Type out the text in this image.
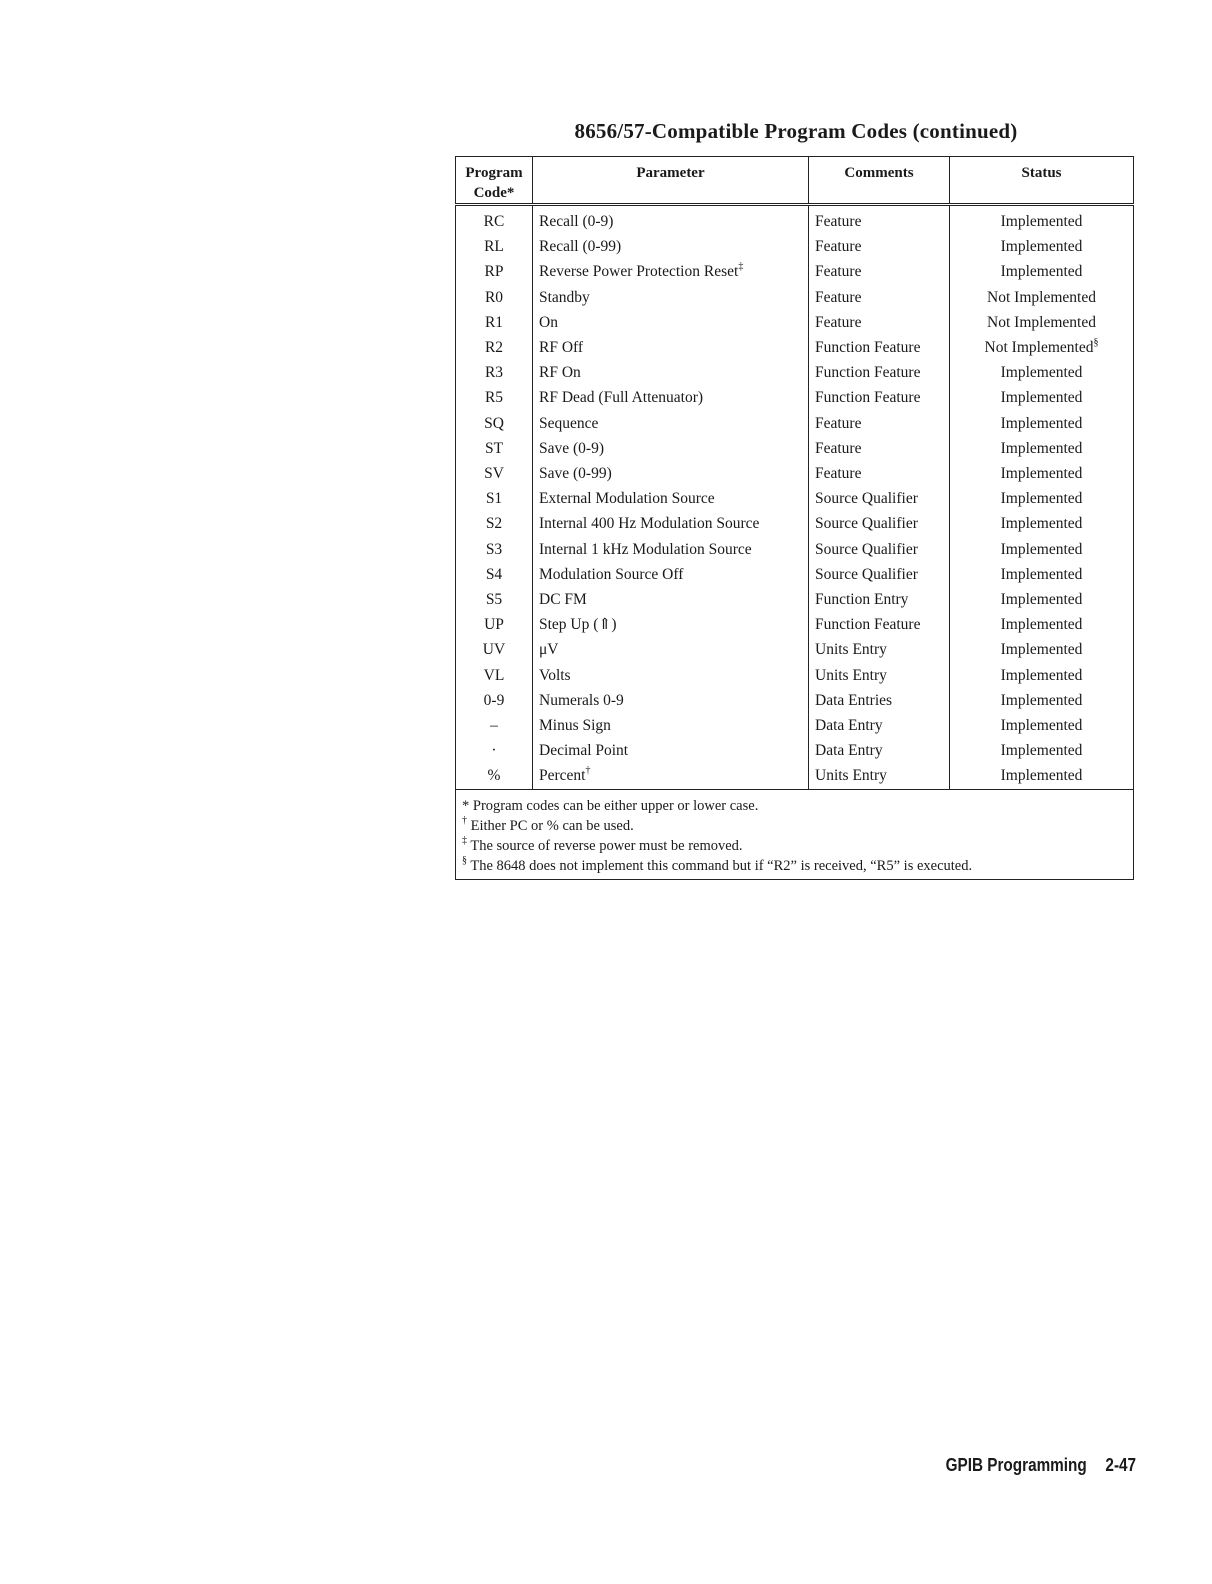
8656/57-Compatible Program Codes (continued)
Program
Code*	Parameter	Comments	Status
RC	Recall (0-9)	Feature	Implemented
RL	Recall (0-99)	Feature	Implemented
RP	Reverse Power Protection Reset‡	Feature	Implemented
R0	Standby	Feature	Not Implemented
R1	On	Feature	Not Implemented
R2	RF Off	Function Feature	Not Implemented§
R3	RF On	Function Feature	Implemented
R5	RF Dead (Full Attenuator)	Function Feature	Implemented
SQ	Sequence	Feature	Implemented
ST	Save (0-9)	Feature	Implemented
SV	Save (0-99)	Feature	Implemented
S1	External Modulation Source	Source Qualifier	Implemented
S2	Internal 400 Hz Modulation Source	Source Qualifier	Implemented
S3	Internal 1 kHz Modulation Source	Source Qualifier	Implemented
S4	Modulation Source Off	Source Qualifier	Implemented
S5	DC FM	Function Entry	Implemented
UP	Step Up (⇑)	Function Feature	Implemented
UV	μV	Units Entry	Implemented
VL	Volts	Units Entry	Implemented
0-9	Numerals 0-9	Data Entries	Implemented
–	Minus Sign	Data Entry	Implemented
·	Decimal Point	Data Entry	Implemented
%	Percent†	Units Entry	Implemented

* Program codes can be either upper or lower case.
† Either PC or % can be used.
‡ The source of reverse power must be removed.
§ The 8648 does not implement this command but if “R2” is received, “R5” is executed.			
GPIB Programming 2-47
